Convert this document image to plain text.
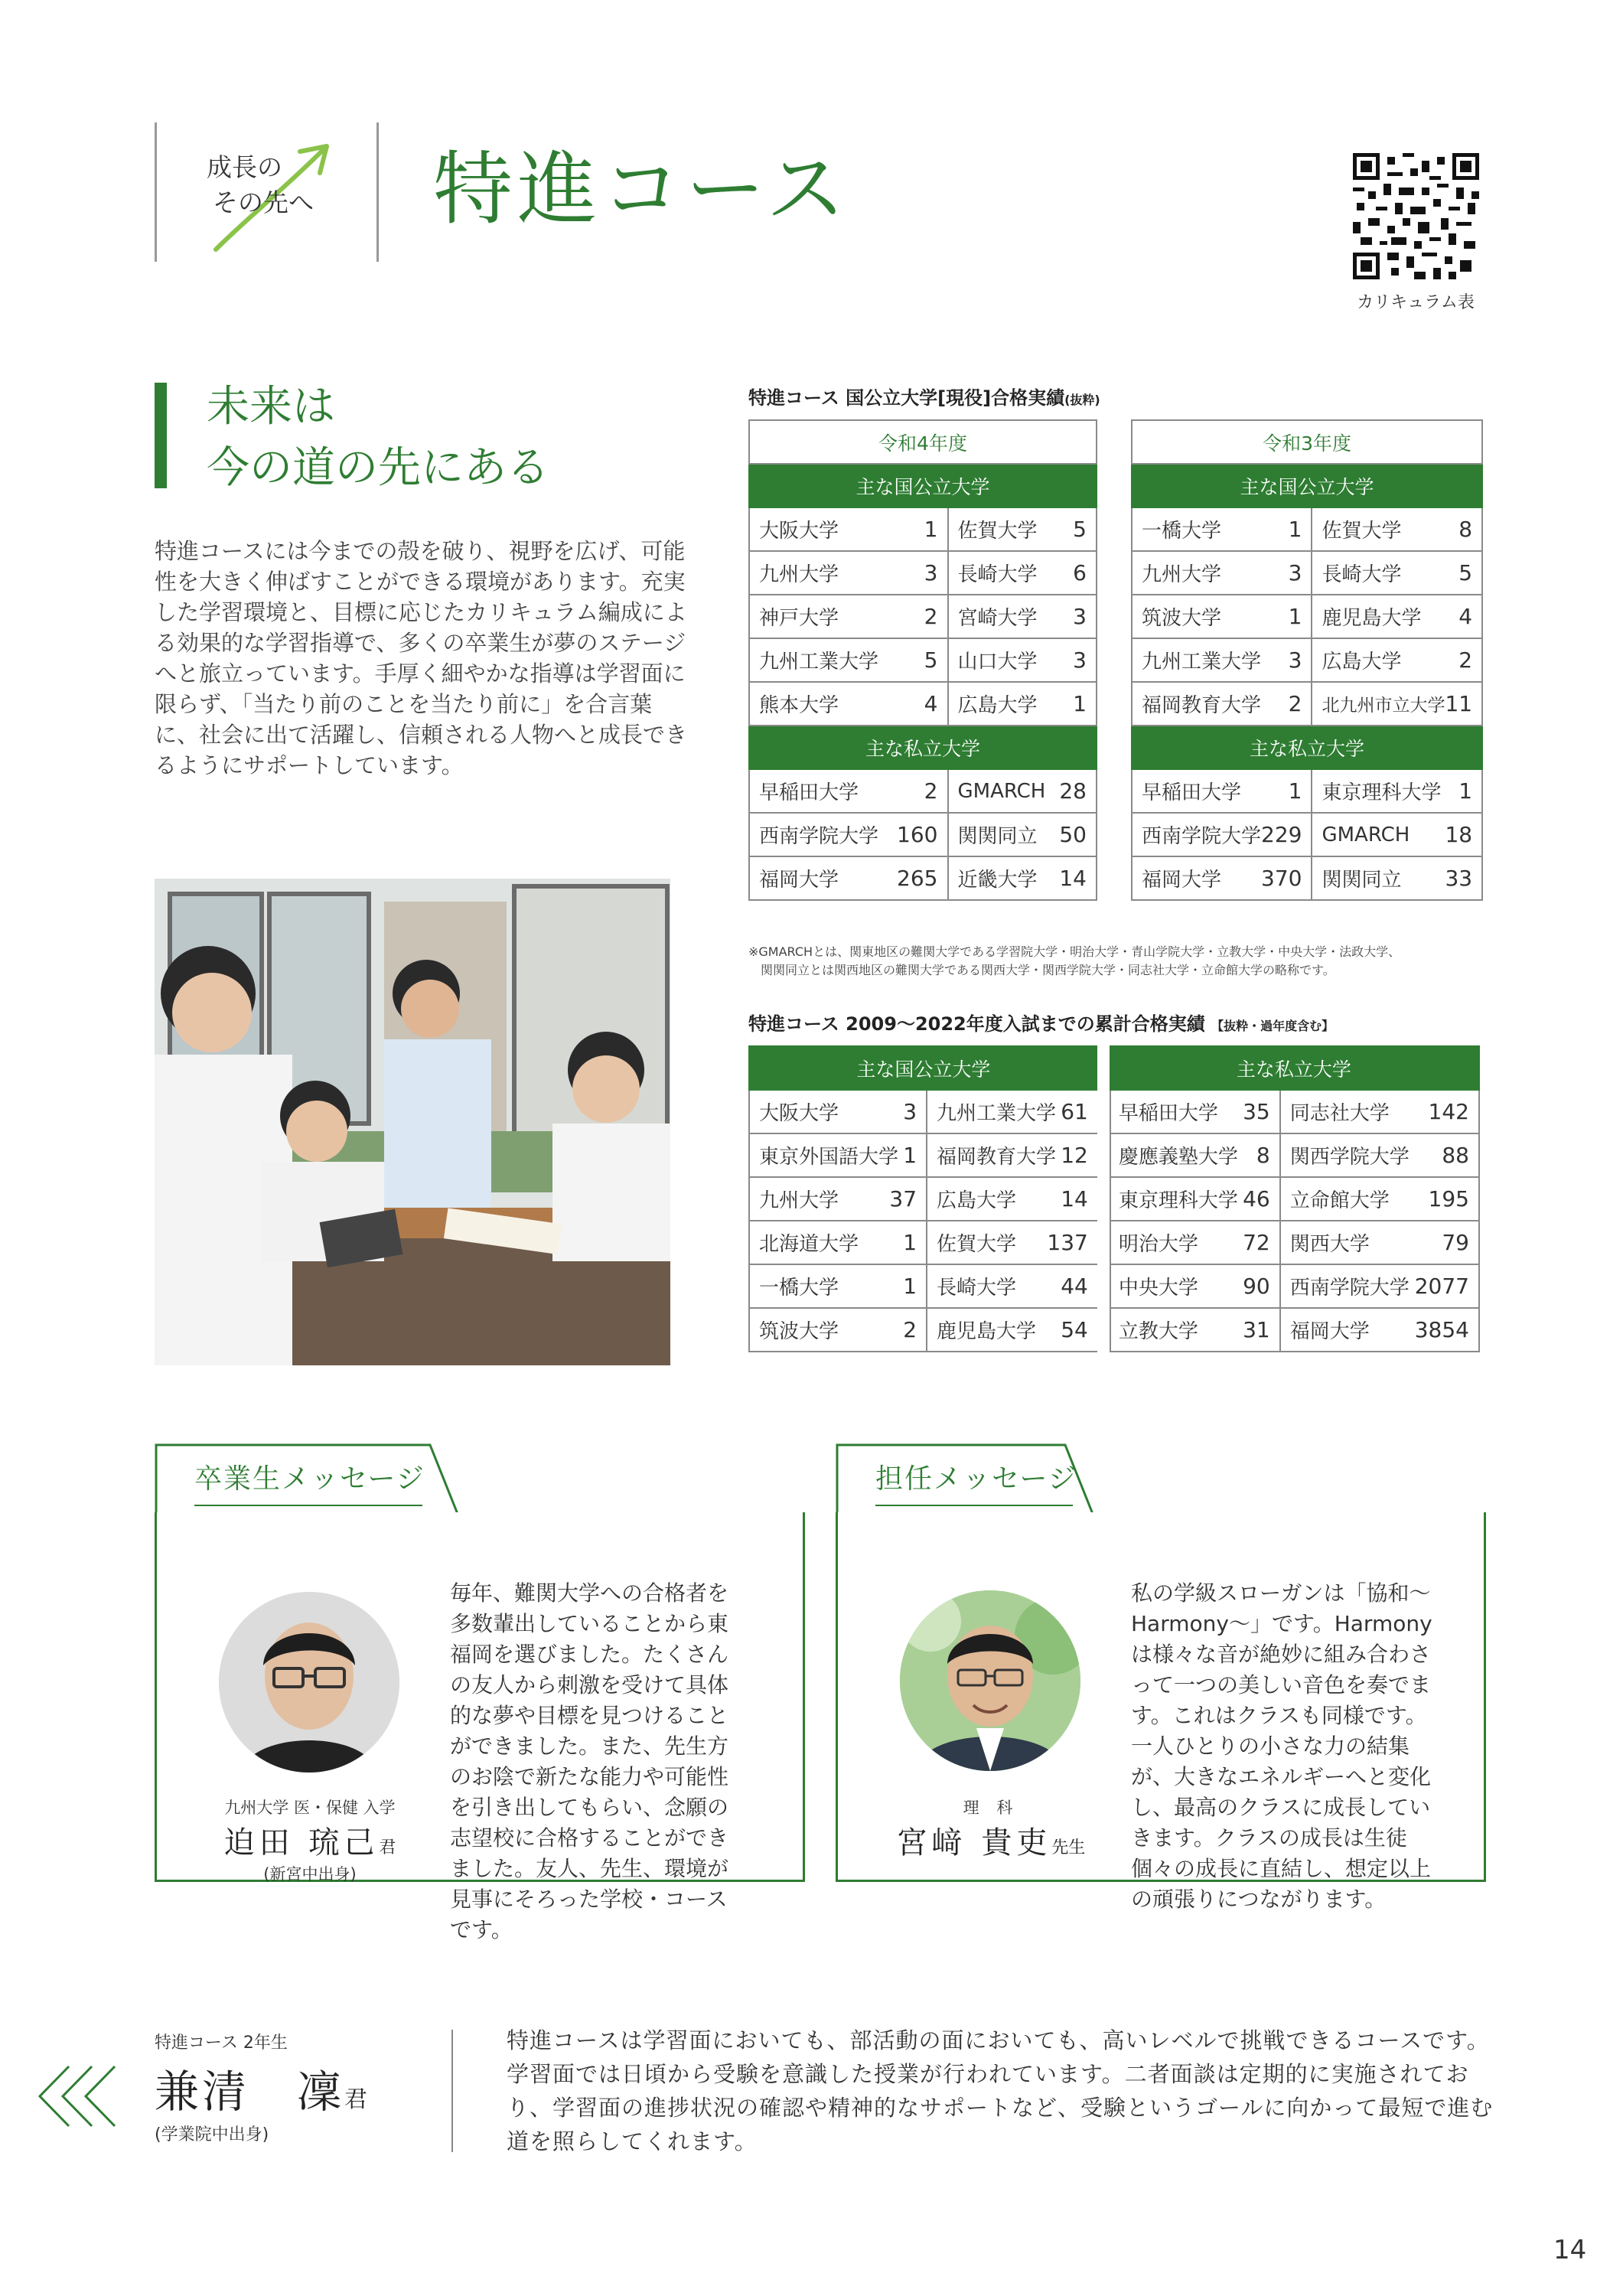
成長の
その先へ 特進コース
カリキュラム表
未来は
今の道の先にある
特進コースには今までの殻を破り、視野を広げ、可能性を大きく伸ばすことができる環境があります。充実した学習環境と、目標に応じたカリキュラム編成による効果的な学習指導で、多くの卒業生が夢のステージへと旅立っています。手厚く細やかな指導は学習面に限らず、「当たり前のことを当たり前に」を合言葉に、社会に出て活躍し、信頼される人物へと成長できるようにサポートしています。
特進コース 国公立大学[現役]合格実績(抜粋)
令和4年度	
主な国公立大学	

大阪大学 1	佐賀大学 5

九州大学 3	長崎大学 6

神戸大学 2	宮崎大学 3

九州工業大学 5	山口大学 3

熊本大学 4	広島大学 1

主な私立大学	

早稲田大学 2	GMARCH 28

西南学院大学 160	関関同立 50

福岡大学 265	近畿大学 14
令和3年度	
主な国公立大学	

一橋大学 1	佐賀大学 8

九州大学 3	長崎大学 5

筑波大学 1	鹿児島大学 4

九州工業大学 3	広島大学 2

福岡教育大学 2	北九州市立大学 11

主な私立大学	

早稲田大学 1	東京理科大学 1

西南学院大学 229	GMARCH 18

福岡大学 370	関関同立 33
※GMARCHとは、関東地区の難関大学である学習院大学・明治大学・青山学院大学・立教大学・中央大学・法政大学、
関関同立とは関西地区の難関大学である関西大学・関西学院大学・同志社大学・立命館大学の略称です。
特進コース 2009〜2022年度入試までの累計合格実績 【抜粋・過年度含む】
主な国公立大学		主な私立大学	

大阪大学 3	九州工業大学 61	早稲田大学 35	同志社大学 142

東京外国語大学 1	福岡教育大学 12	慶應義塾大学 8	関西学院大学 88

九州大学 37	広島大学 14	東京理科大学 46	立命館大学 195

北海道大学 1	佐賀大学 137	明治大学 72	関西大学 79

一橋大学 1	長崎大学 44	中央大学 90	西南学院大学 2077

筑波大学 2	鹿児島大学 54	立教大学 31	福岡大学 3854
卒業生メッセージ
九州大学 医・保健 入学
迫田 琉己君
(新宮中出身)
毎年、難関大学への合格者を多数輩出していることから東福岡を選びました。たくさんの友人から刺激を受けて具体的な夢や目標を見つけることができました。また、先生方のお陰で新たな能力や可能性を引き出してもらい、念願の志望校に合格することができました。友人、先生、環境が見事にそろった学校・コースです。
担任メッセージ
理 科
宮﨑 貴吏先生
私の学級スローガンは「協和〜Harmony〜」です。Harmonyは様々な音が絶妙に組み合わさって一つの美しい音色を奏でます。これはクラスも同様です。一人ひとりの小さな力の結集が、大きなエネルギーへと変化し、最高のクラスに成長していきます。クラスの成長は生徒個々の成長に直結し、想定以上の頑張りにつながります。
特進コース 2年生
兼清　凜君
(学業院中出身)
特進コースは学習面においても、部活動の面においても、高いレベルで挑戦できるコースです。学習面では日頃から受験を意識した授業が行われています。二者面談は定期的に実施されており、学習面の進捗状況の確認や精神的なサポートなど、受験というゴールに向かって最短で進む道を照らしてくれます。
14
